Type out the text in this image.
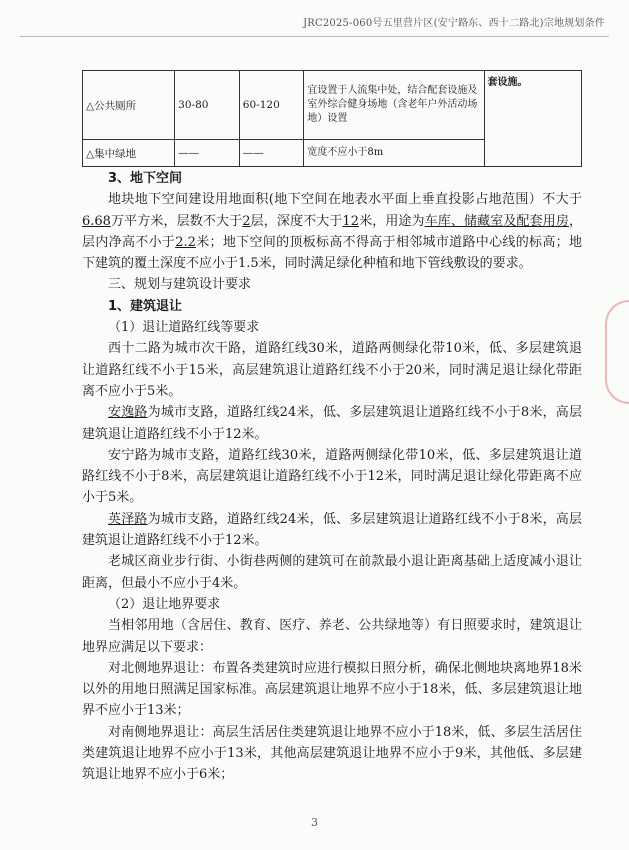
JRC2025-060号五里营片区(安宁路东、西十二路北)宗地规划条件
△公共厕所	30-80	60-120	宜设置于人流集中处，结合配套设施及室外综合健身场地（含老年户外活动场地）设置	套设施。
△集中绿地	——	——	宽度不应小于8m	

3、地下空间

地块地下空间建设用地面积(地下空间在地表水平面上垂直投影占地范围）不大于6.68万平方米，层数不大于2层，深度不大于12米，用途为车库、储藏室及配套用房，层内净高不小于2.2米；地下空间的顶板标高不得高于相邻城市道路中心线的标高；地下建筑的覆土深度不应小于1.5米，同时满足绿化种植和地下管线敷设的要求。

三、规划与建筑设计要求

1、建筑退让

（1）退让道路红线等要求

西十二路为城市次干路，道路红线30米，道路两侧绿化带10米，低、多层建筑退让道路红线不小于15米，高层建筑退让道路红线不小于20米，同时满足退让绿化带距离不应小于5米。

安逸路为城市支路，道路红线24米，低、多层建筑退让道路红线不小于8米，高层建筑退让道路红线不小于12米。

安宁路为城市支路，道路红线30米，道路两侧绿化带10米，低、多层建筑退让道路红线不小于8米，高层建筑退让道路红线不小于12米，同时满足退让绿化带距离不应小于5米。

英泽路为城市支路，道路红线24米，低、多层建筑退让道路红线不小于8米，高层建筑退让道路红线不小于12米。

老城区商业步行街、小街巷两侧的建筑可在前款最小退让距离基础上适度减小退让距离，但最小不应小于4米。

（2）退让地界要求

当相邻用地（含居住、教育、医疗、养老、公共绿地等）有日照要求时，建筑退让地界应满足以下要求：

对北侧地界退让：布置各类建筑时应进行模拟日照分析，确保北侧地块离地界18米以外的用地日照满足国家标准。高层建筑退让地界不应小于18米，低、多层建筑退让地界不应小于13米；

对南侧地界退让：高层生活居住类建筑退让地界不应小于18米，低、多层生活居住类建筑退让地界不应小于13米，其他高层建筑退让地界不应小于9米，其他低、多层建筑退让地界不应小于6米；

3
